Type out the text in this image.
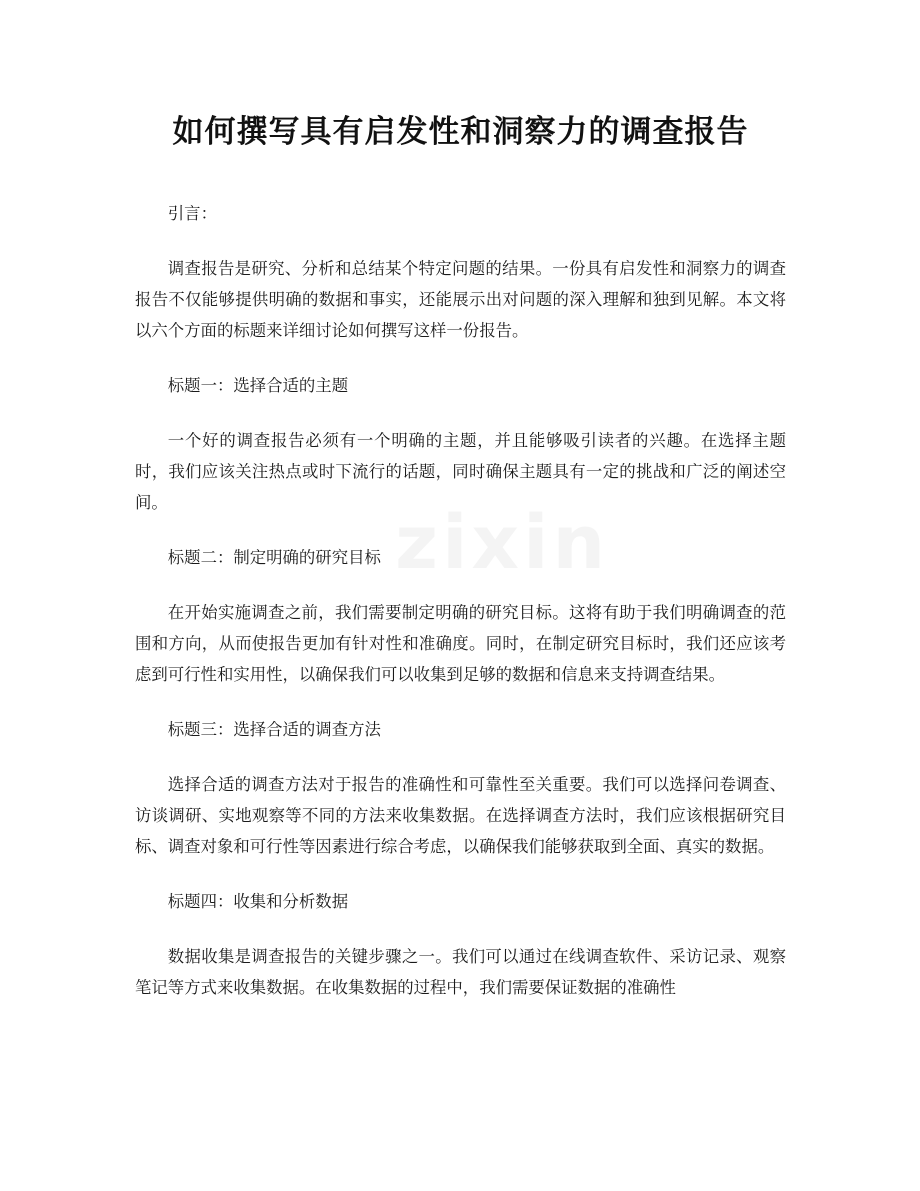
如何撰写具有启发性和洞察力的调查报告

引言：

调查报告是研究、分析和总结某个特定问题的结果。一份具有启发性和洞察力的调查报告不仅能够提供明确的数据和事实，还能展示出对问题的深入理解和独到见解。本文将以六个方面的标题来详细讨论如何撰写这样一份报告。

标题一：选择合适的主题

一个好的调查报告必须有一个明确的主题，并且能够吸引读者的兴趣。在选择主题时，我们应该关注热点或时下流行的话题，同时确保主题具有一定的挑战和广泛的阐述空间。

标题二：制定明确的研究目标

在开始实施调查之前，我们需要制定明确的研究目标。这将有助于我们明确调查的范围和方向，从而使报告更加有针对性和准确度。同时，在制定研究目标时，我们还应该考虑到可行性和实用性，以确保我们可以收集到足够的数据和信息来支持调查结果。

标题三：选择合适的调查方法

选择合适的调查方法对于报告的准确性和可靠性至关重要。我们可以选择问卷调查、访谈调研、实地观察等不同的方法来收集数据。在选择调查方法时，我们应该根据研究目标、调查对象和可行性等因素进行综合考虑，以确保我们能够获取到全面、真实的数据。

标题四：收集和分析数据

数据收集是调查报告的关键步骤之一。我们可以通过在线调查软件、采访记录、观察笔记等方式来收集数据。在收集数据的过程中，我们需要保证数据的准确性
